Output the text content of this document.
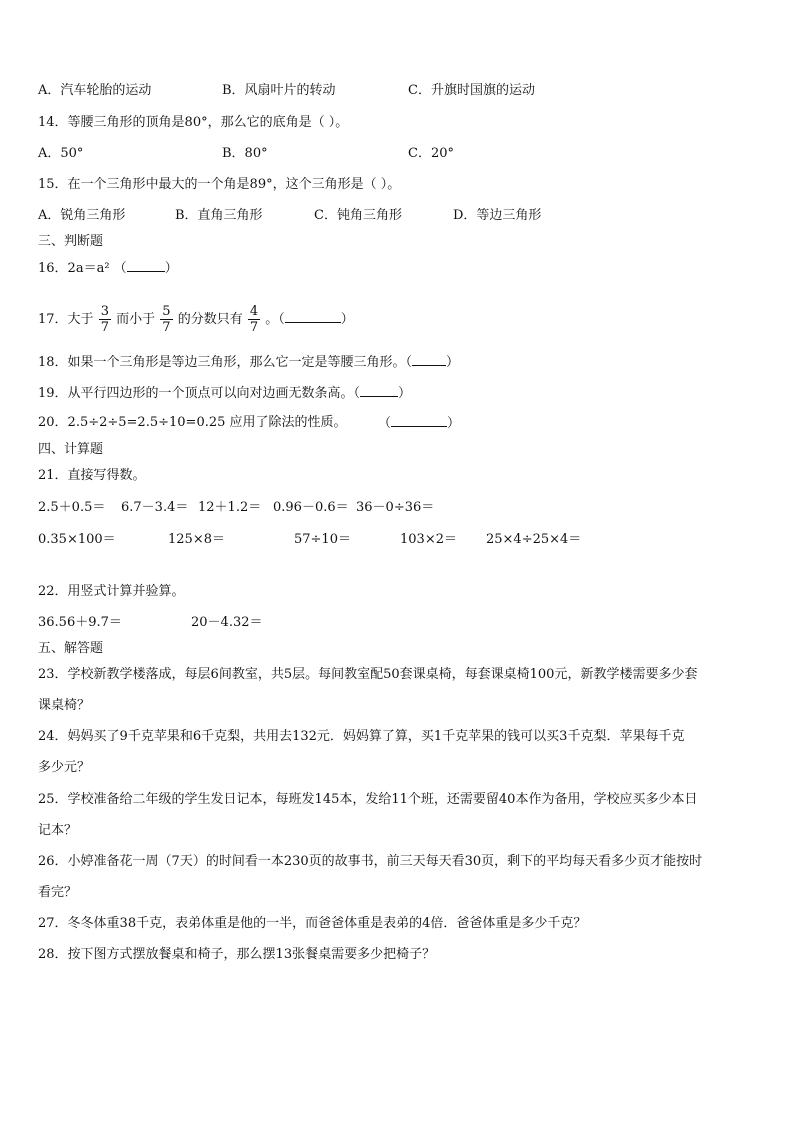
A．汽车轮胎的运动	B．风扇叶片的转动	C．升旗时国旗的运动
14．等腰三角形的顶角是80°，那么它的底角是（ ）。
A．50°	B．80°	C．20°
15．在一个三角形中最大的一个角是89°，这个三角形是（ ）。
A．锐角三角形	B．直角三角形	C．钝角三角形	D．等边三角形
三、判断题
16．2a＝a² （	）
17．大于 $\frac{3}{7}$ 而小于 $\frac{5}{7}$ 的分数只有 $\frac{4}{7}$ 。（	）
18．如果一个三角形是等边三角形，那么它一定是等腰三角形。（	）
19．从平行四边形的一个顶点可以向对边画无数条高。（	）
20．2.5÷2÷5=2.5÷10=0.25 应用了除法的性质。 （	）
四、计算题
21．直接写得数。
2.5＋0.5＝ 6.7－3.4＝ 12＋1.2＝ 0.96－0.6＝ 36－0÷36＝
0.35×100＝	125×8＝	57÷10＝	103×2＝ 25×4÷25×4＝
22．用竖式计算并验算。
36.56＋9.7＝	20－4.32＝
五、解答题
23．学校新教学楼落成，每层6间教室，共5层。每间教室配50套课桌椅，每套课桌椅100元，新教学楼需要多少套
课桌椅？
24．妈妈买了9千克苹果和6千克梨，共用去132元．妈妈算了算，买1千克苹果的钱可以买3千克梨．苹果每千克
多少元？
25．学校准备给二年级的学生发日记本，每班发145本，发给11个班，还需要留40本作为备用，学校应买多少本日
记本？
26．小婷准备花一周（7天）的时间看一本230页的故事书，前三天每天看30页，剩下的平均每天看多少页才能按时
看完？
27．冬冬体重38千克，表弟体重是他的一半，而爸爸体重是表弟的4倍．爸爸体重是多少千克？
28．按下图方式摆放餐桌和椅子，那么摆13张餐桌需要多少把椅子？
